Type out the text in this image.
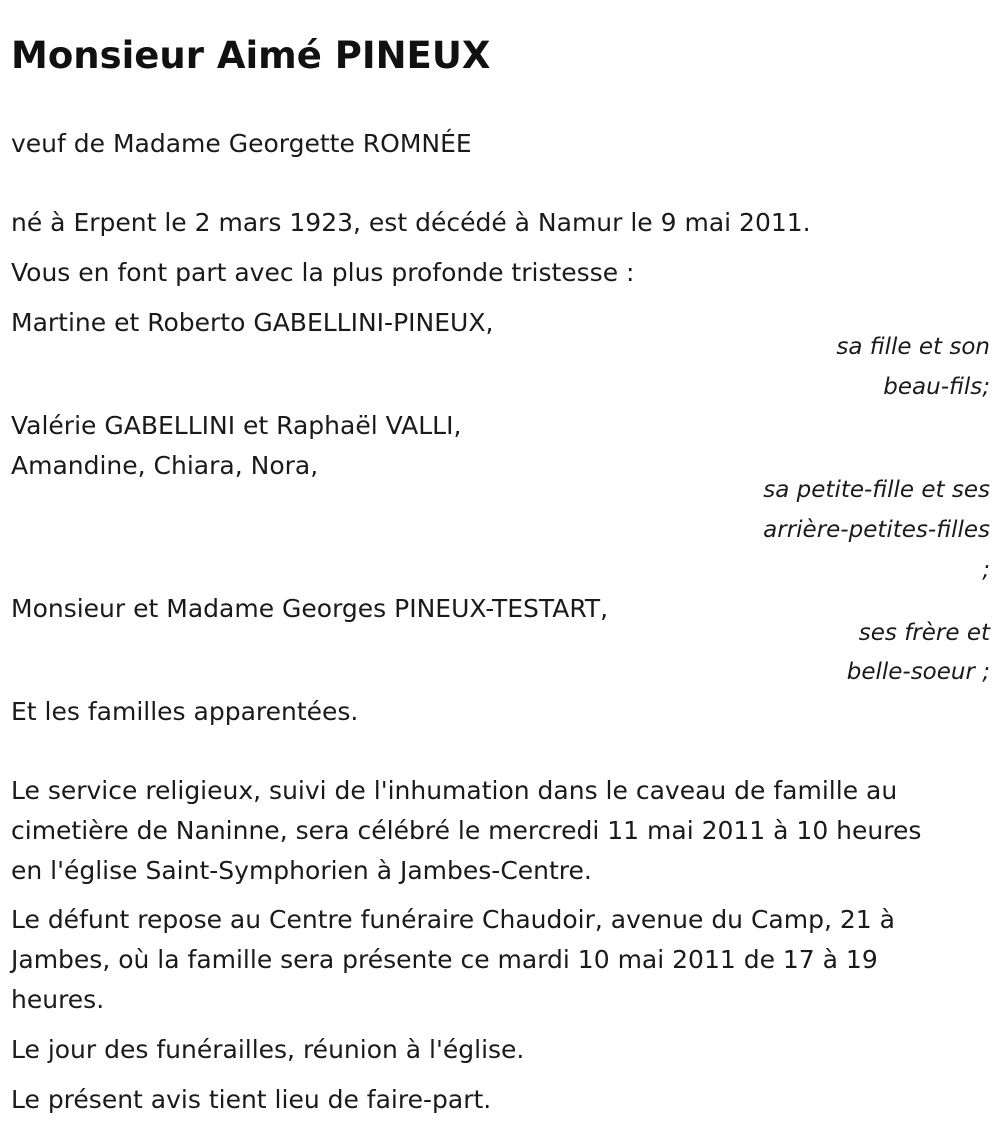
Monsieur Aimé PINEUX

veuf de Madame Georgette ROMNÉE

né à Erpent le 2 mars 1923, est décédé à Namur le 9 mai 2011.

Vous en font part avec la plus profonde tristesse :

Martine et Roberto GABELLINI-PINEUX,

sa fille et son

beau-fils;

Valérie GABELLINI et Raphaël VALLI,

Amandine, Chiara, Nora,

sa petite-fille et ses

arrière-petites-filles

;

Monsieur et Madame Georges PINEUX-TESTART,

ses frère et

belle-soeur ;

Et les familles apparentées.

Le service religieux, suivi de l'inhumation dans le caveau de famille au
cimetière de Naninne, sera célébré le mercredi 11 mai 2011 à 10 heures
en l'église Saint-Symphorien à Jambes-Centre.
Le défunt repose au Centre funéraire Chaudoir, avenue du Camp, 21 à
Jambes, où la famille sera présente ce mardi 10 mai 2011 de 17 à 19
heures.

Le jour des funérailles, réunion à l'église.

Le présent avis tient lieu de faire-part.
